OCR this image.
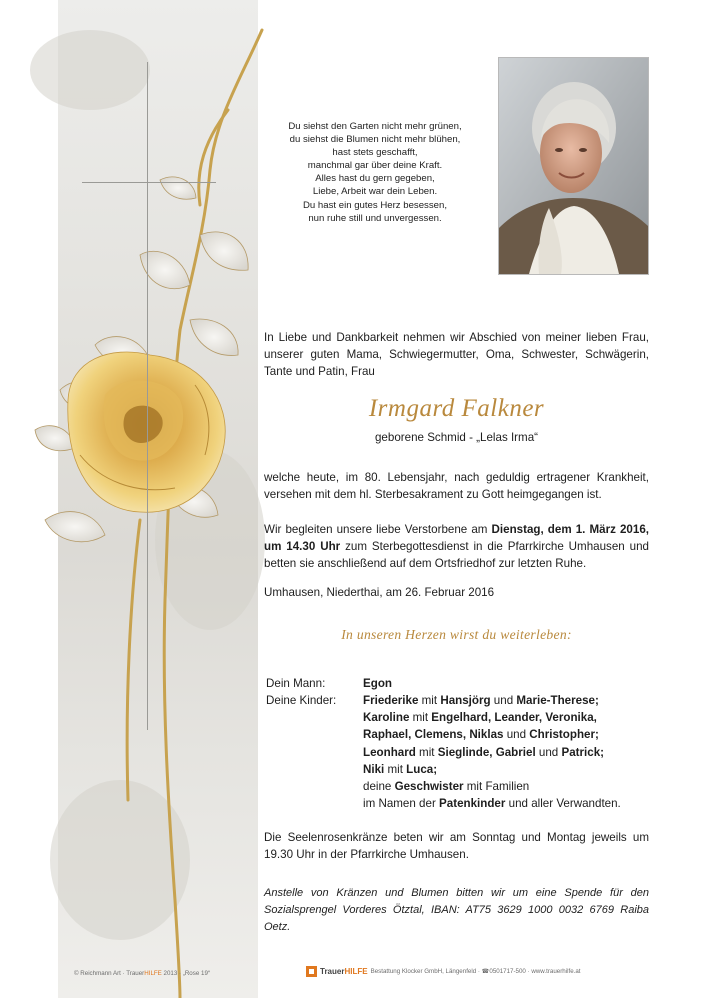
Du siehst den Garten nicht mehr grünen,
du siehst die Blumen nicht mehr blühen,
hast stets geschafft,
manchmal gar über deine Kraft.
Alles hast du gern gegeben,
Liebe, Arbeit war dein Leben.
Du hast ein gutes Herz besessen,
nun ruhe still und unvergessen.
In Liebe und Dankbarkeit nehmen wir Abschied von meiner lieben Frau, unserer guten Mama, Schwiegermutter, Oma, Schwester, Schwägerin, Tante und Patin, Frau
Irmgard Falkner
geborene Schmid - „Lelas Irma“
welche heute, im 80. Lebensjahr, nach geduldig ertragener Krankheit, versehen mit dem hl. Sterbesakrament zu Gott heimgegangen ist.
Wir begleiten unsere liebe Verstorbene am Dienstag, dem 1. März 2016, um 14.30 Uhr zum Sterbegottesdienst in die Pfarrkirche Umhausen und betten sie anschließend auf dem Ortsfriedhof zur letzten Ruhe.
Umhausen, Niederthai, am 26. Februar 2016
In unseren Herzen wirst du weiterleben:
Dein Mann:	Egon
Deine Kinder: Friederike mit Hansjörg und Marie-Therese;
Karoline mit Engelhard, Leander, Veronika,
Raphael, Clemens, Niklas und Christopher;
Leonhard mit Sieglinde, Gabriel und Patrick;
Niki mit Luca;
deine Geschwister mit Familien
im Namen der Patenkinder und aller Verwandten.
Die Seelenrosenkränze beten wir am Sonntag und Montag jeweils um 19.30 Uhr in der Pfarrkirche Umhausen.
Anstelle von Kränzen und Blumen bitten wir um eine Spende für den Sozialsprengel Vorderes Ötztal, IBAN: AT75 3629 1000 0032 6769 Raiba Oetz.
© Reichmann Art · TrauerHILFE 2013 · „Rose 19“	TrauerHILFE Bestattung Klocker GmbH, Längenfeld · ☎0501717-500 · www.trauerhilfe.at
